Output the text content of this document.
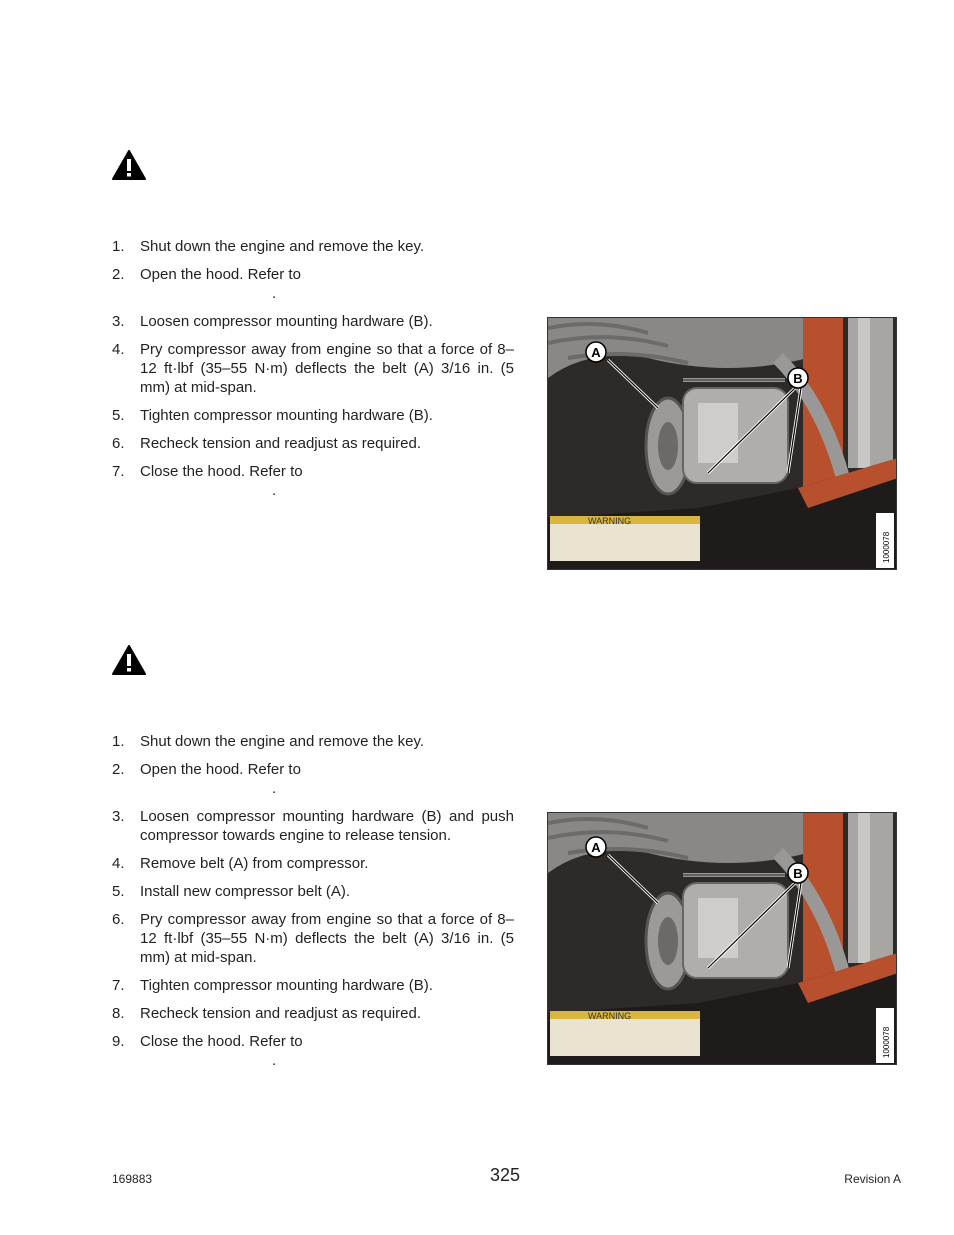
1. Shut down the engine and remove the key.
2. Open the hood. Refer to
.
3. Loosen compressor mounting hardware (B).
4. Pry compressor away from engine so that a force of 8–12 ft·lbf (35–55 N·m) deflects the belt (A) 3/16 in. (5 mm) at mid-span.
5. Tighten compressor mounting hardware (B).
6. Recheck tension and readjust as required.
7. Close the hood. Refer to
.
WARNING
A
B
1000078
1. Shut down the engine and remove the key.
2. Open the hood. Refer to
.
3. Loosen compressor mounting hardware (B) and push compressor towards engine to release tension.
4. Remove belt (A) from compressor.
5. Install new compressor belt (A).
6. Pry compressor away from engine so that a force of 8–12 ft·lbf (35–55 N·m) deflects the belt (A) 3/16 in. (5 mm) at mid-span.
7. Tighten compressor mounting hardware (B).
8. Recheck tension and readjust as required.
9. Close the hood. Refer to
.
WARNING
A
B
1000078
169883	325	Revision A
